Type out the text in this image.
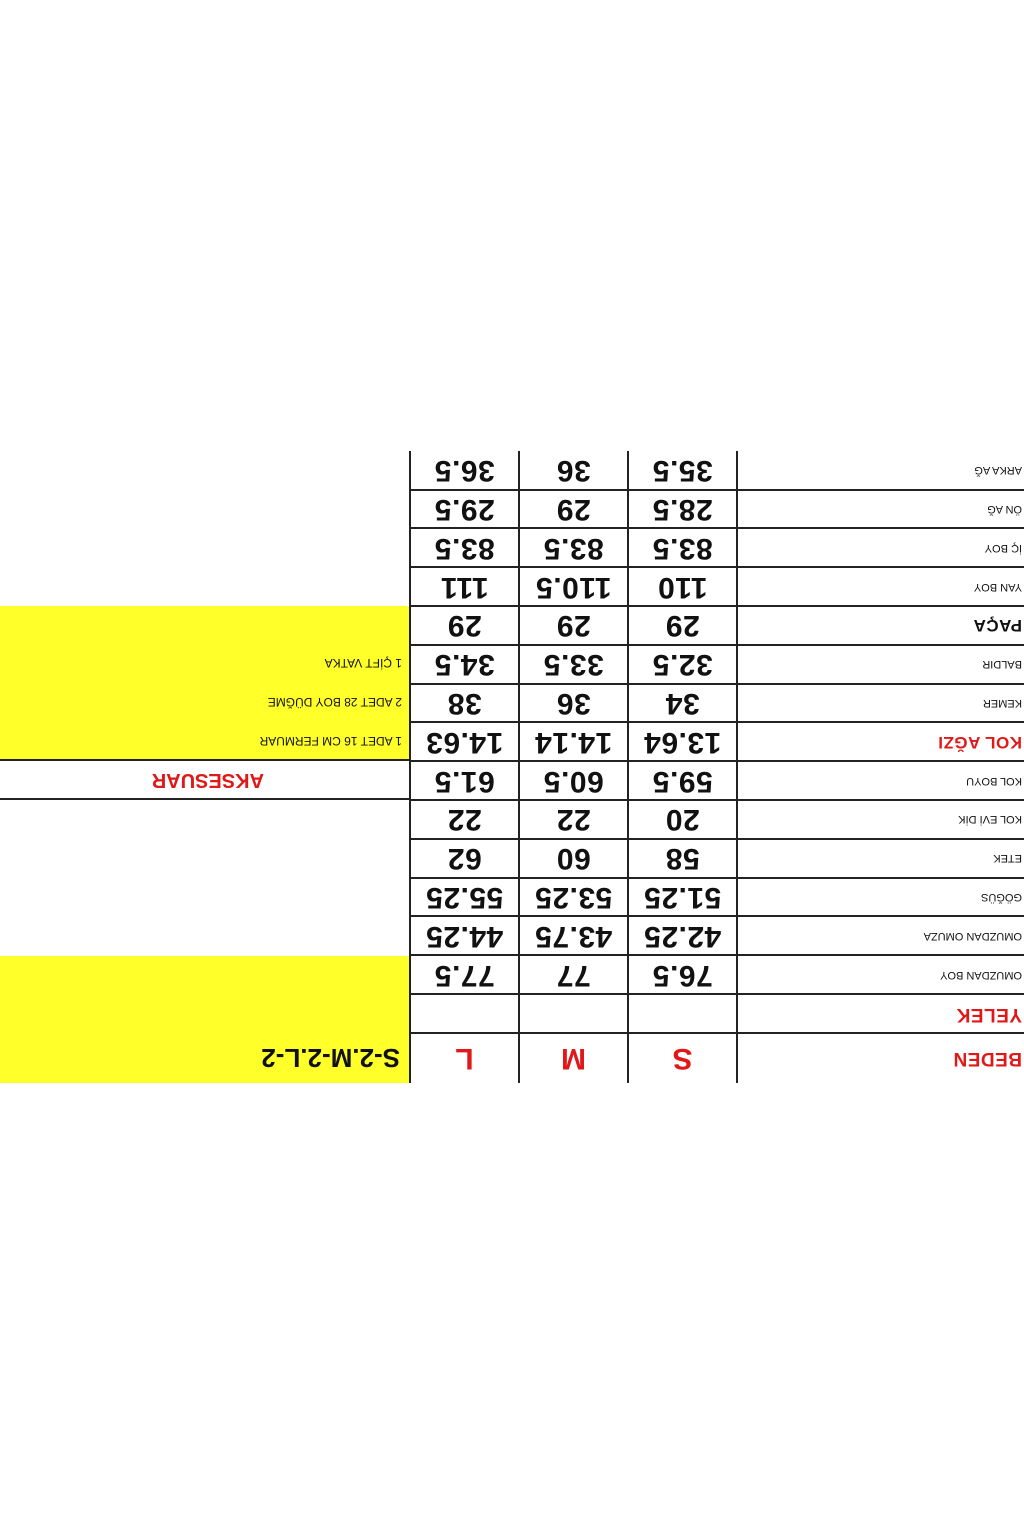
BEDEN
S
M
L
S-2.M-2.L-2
YELEK
OMUZDAN BOY
76.5
77
77.5
OMUZDAN OMUZA
42.25
43.75
44.25
GÖĞÜS
51.25
53.25
55.25
ETEK
58
60
62
KOL EVİ DİK
20
22
22
KOL BOYU
59.5
60.5
61.5
KOL AĞZI
13.64
14.14
14.63
KEMER
34
36
38
BALDIR
32.5
33.5
34.5
PAÇA
29
29
29
YAN BOY
110
110.5
111
İÇ BOY
83.5
83.5
83.5
ÖN AĞ
28.5
29
29.5
ARKA AĞ
35.5
36
36.5
AKSESUAR
1 ADET 16 CM FERMUAR
2 ADET 28 BOY DÜĞME
1 ÇİFT VATKA
